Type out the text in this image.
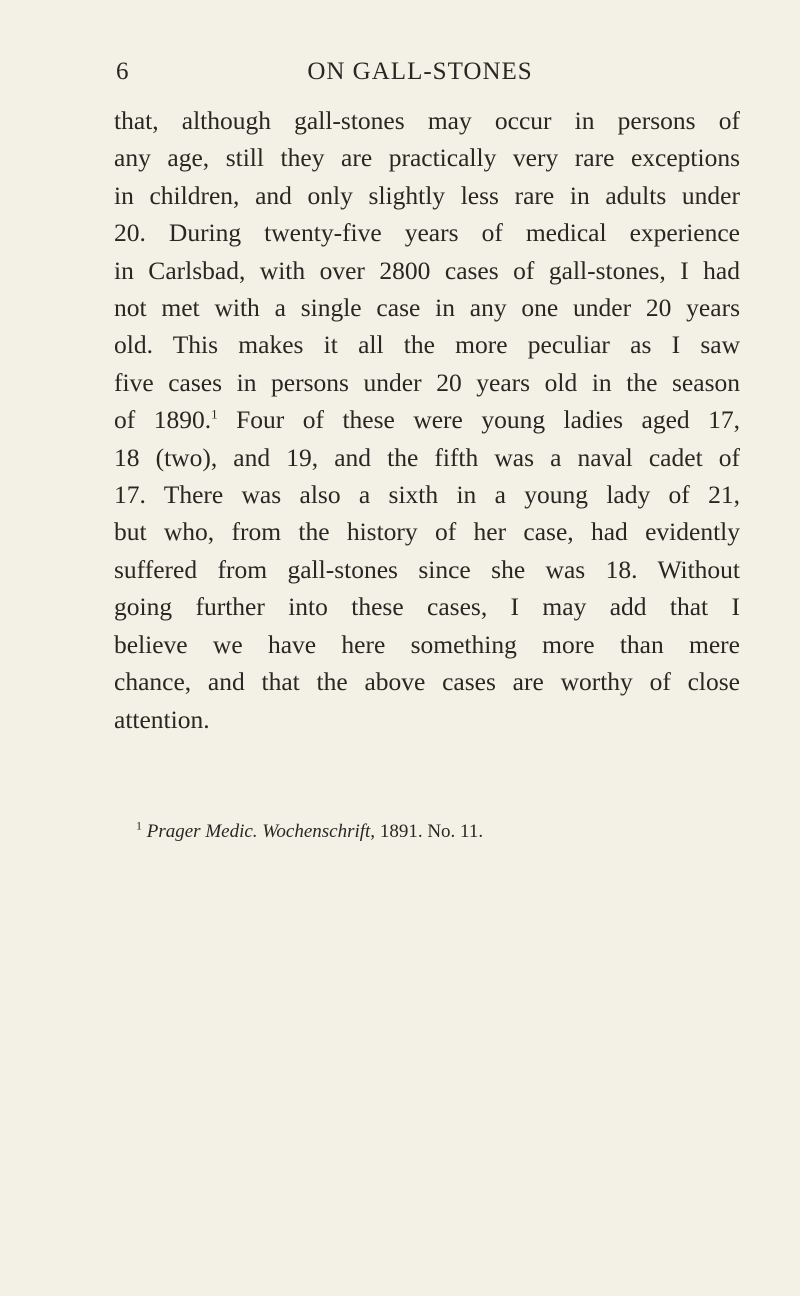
6	ON GALL-STONES
that, although gall-stones may occur in persons of
any age, still they are practically very rare exceptions
in children, and only slightly less rare in adults under
20. During twenty-five years of medical experience
in Carlsbad, with over 2800 cases of gall-stones, I had
not met with a single case in any one under 20 years
old. This makes it all the more peculiar as I saw
five cases in persons under 20 years old in the season
of 1890.$^1$ Four of these were young ladies aged 17,
18 (two), and 19, and the fifth was a naval cadet of
17. There was also a sixth in a young lady of 21,
but who, from the history of her case, had evidently
suffered from gall-stones since she was 18. Without
going further into these cases, I may add that I
believe we have here something more than mere
chance, and that the above cases are worthy of close
attention.
$^1$ Prager Medic. Wochenschrift, 1891. No. 11.
